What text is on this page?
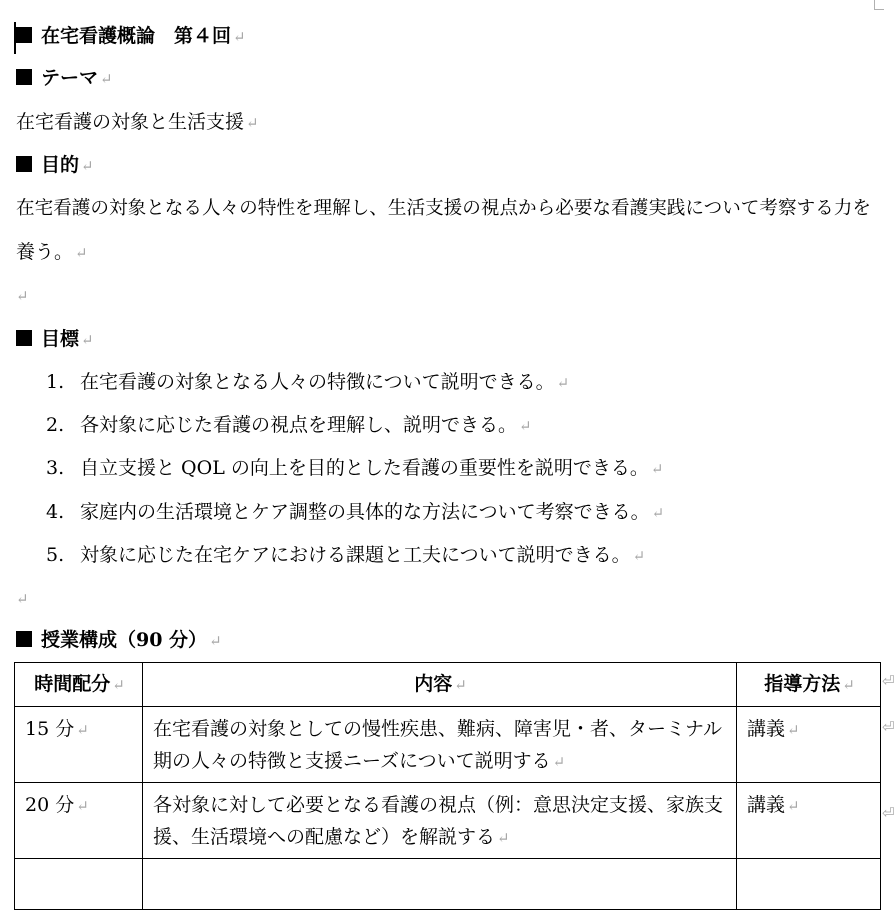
在宅看護概論　第４回 ↵
テーマ ↵
在宅看護の対象と生活支援 ↵
目的 ↵
在宅看護の対象となる人々の特性を理解し、生活支援の視点から必要な看護実践について考察する力を
養う。 ↵
↵
目標 ↵
1. 在宅看護の対象となる人々の特徴について説明できる。 ↵
2. 各対象に応じた看護の視点を理解し、説明できる。 ↵
3. 自立支援と QOL の向上を目的とした看護の重要性を説明できる。 ↵
4. 家庭内の生活環境とケア調整の具体的な方法について考察できる。 ↵
5. 対象に応じた在宅ケアにおける課題と工夫について説明できる。 ↵
↵
授業構成（90 分） ↵
時間配分 ↵	内容 ↵	指導方法 ↵
15 分 ↵	在宅看護の対象としての慢性疾患、難病、障害児・者、ターミナル期の人々の特徴と支援ニーズについて説明する ↵	講義 ↵
20 分 ↵	各対象に対して必要となる看護の視点（例：意思決定支援、家族支援、生活環境への配慮など）を解説する ↵	講義 ↵

⏎
⏎
⏎
